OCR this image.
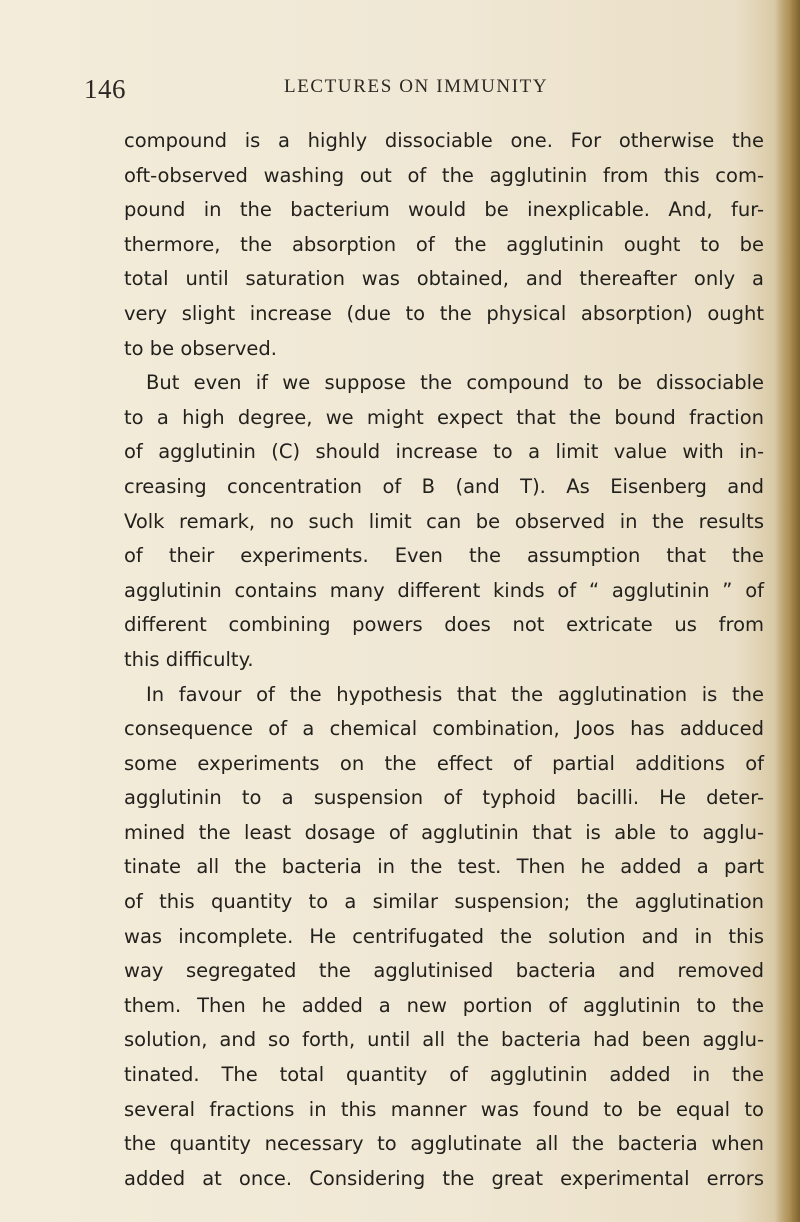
146	LECTURES ON IMMUNITY
compound is a highly dissociable one. For otherwise the
oft-observed washing out of the agglutinin from this com-
pound in the bacterium would be inexplicable. And, fur-
thermore, the absorption of the agglutinin ought to be
total until saturation was obtained, and thereafter only a
very slight increase (due to the physical absorption) ought
to be observed.
But even if we suppose the compound to be dissociable
to a high degree, we might expect that the bound fraction
of agglutinin (C) should increase to a limit value with in-
creasing concentration of B (and T). As Eisenberg and
Volk remark, no such limit can be observed in the results
of their experiments. Even the assumption that the
agglutinin contains many different kinds of “ agglutinin ” of
different combining powers does not extricate us from
this difficulty.
In favour of the hypothesis that the agglutination is the
consequence of a chemical combination, Joos has adduced
some experiments on the effect of partial additions of
agglutinin to a suspension of typhoid bacilli. He deter-
mined the least dosage of agglutinin that is able to agglu-
tinate all the bacteria in the test. Then he added a part
of this quantity to a similar suspension; the agglutination
was incomplete. He centrifugated the solution and in this
way segregated the agglutinised bacteria and removed
them. Then he added a new portion of agglutinin to the
solution, and so forth, until all the bacteria had been agglu-
tinated. The total quantity of agglutinin added in the
several fractions in this manner was found to be equal to
the quantity necessary to agglutinate all the bacteria when
added at once. Considering the great experimental errors
